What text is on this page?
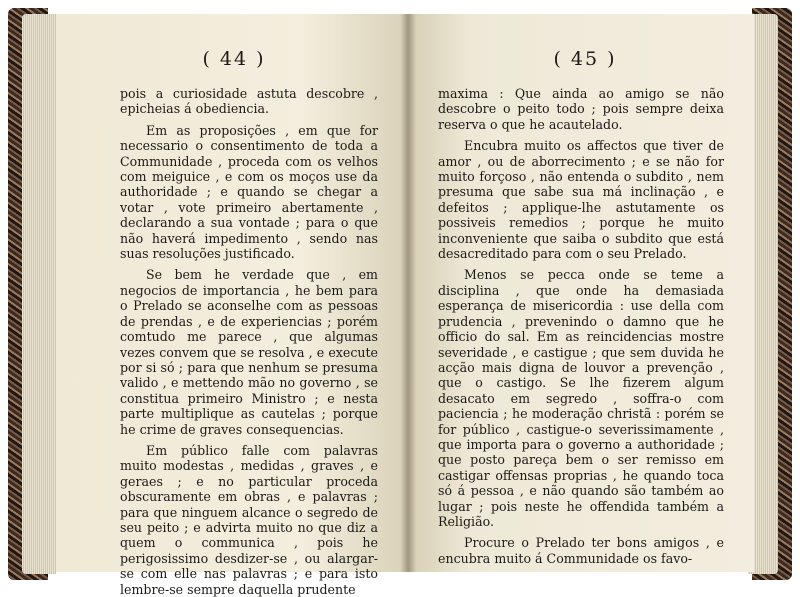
( 44 )

pois a curiosidade astuta descobre , epicheias á obediencia.

Em as proposições , em que for necessario o consentimento de toda a Communidade , proceda com os velhos com meiguice , e com os moços use da authoridade ; e quando se chegar a votar , vote primeiro abertamente , declarando a sua vontade ; para o que não haverá impedimento , sendo nas suas resoluções justificado.

Se bem he verdade que , em negocios de importancia , he bem para o Prelado se aconselhe com as pessoas de prendas , e de experiencias ; porém comtudo me parece , que algumas vezes convem que se resolva , e execute por si só ; para que nenhum se presuma valido , e mettendo mão no governo , se constitua primeiro Ministro ; e nesta parte multiplique as cautelas ; porque he crime de graves consequencias.

Em público falle com palavras muito modestas , medidas , graves , e geraes ; e no particular proceda obscuramente em obras , e palavras ; para que ninguem alcance o segredo de seu peito ; e advirta muito no que diz a quem o communica , pois he perigosissimo desdizer-se , ou alargar-se com elle nas palavras ; e para isto lembre-se sempre daquella prudente

( 45 )

maxima : Que ainda ao amigo se não descobre o peito todo ; pois sempre deixa reserva o que he acautelado.

Encubra muito os affectos que tiver de amor , ou de aborrecimento ; e se não for muito forçoso , não entenda o subdito , nem presuma que sabe sua má inclinação , e defeitos ; applique-lhe astutamente os possiveis remedios ; porque he muito inconveniente que saiba o subdito que está desacreditado para com o seu Prelado.

Menos se pecca onde se teme a disciplina , que onde ha demasiada esperança de misericordia : use della com prudencia , prevenindo o damno que he officio do sal. Em as reincidencias mostre severidade , e castigue ; que sem duvida he acção mais digna de louvor a prevenção , que o castigo. Se lhe fizerem algum desacato em segredo , soffra-o com paciencia ; he moderação christã : porém se for público , castigue-o severissimamente , que importa para o governo a authoridade ; que posto pareça bem o ser remisso em castigar offensas proprias , he quando toca só á pessoa , e não quando são também ao lugar ; pois neste he offendida também a Religião.

Procure o Prelado ter bons amigos , e encubra muito á Communidade os favo-
